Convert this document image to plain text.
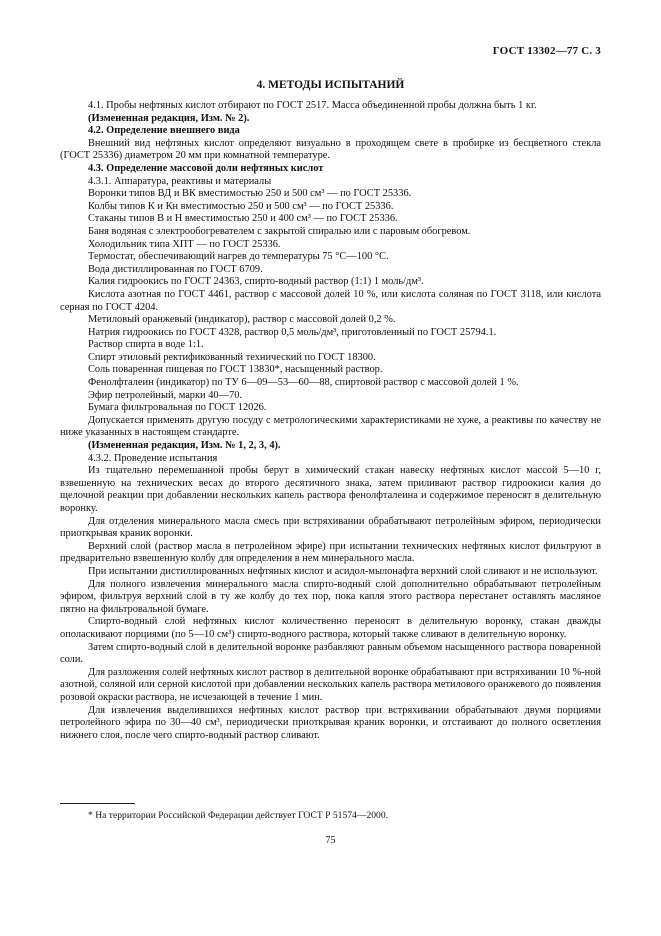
ГОСТ 13302—77 С. 3
4. МЕТОДЫ ИСПЫТАНИЙ

4.1. Пробы нефтяных кислот отбирают по ГОСТ 2517. Масса объединенной пробы должна быть 1 кг.

(Измененная редакция, Изм. № 2).

4.2. Определение внешнего вида

Внешний вид нефтяных кислот определяют визуально в проходящем свете в пробирке из бесцветного стекла (ГОСТ 25336) диаметром 20 мм при комнатной температуре.

4.3. Определение массовой доли нефтяных кислот

4.3.1. Аппаратура, реактивы и материалы

Воронки типов ВД и ВК вместимостью 250 и 500 см³ — по ГОСТ 25336.

Колбы типов К и Кн вместимостью 250 и 500 см³ — по ГОСТ 25336.

Стаканы типов В и Н вместимостью 250 и 400 см³ — по ГОСТ 25336.

Баня водяная с электрообогревателем с закрытой спиралью или с паровым обогревом.

Холодильник типа ХПТ — по ГОСТ 25336.

Термостат, обеспечивающий нагрев до температуры 75 °С—100 °С.

Вода дистиллированная по ГОСТ 6709.

Калия гидроокись по ГОСТ 24363, спирто-водный раствор (1:1) 1 моль/дм³.

Кислота азотная по ГОСТ 4461, раствор с массовой долей 10 %, или кислота соляная по ГОСТ 3118, или кислота серная по ГОСТ 4204.

Метиловый оранжевый (индикатор), раствор с массовой долей 0,2 %.

Натрия гидроокись по ГОСТ 4328, раствор 0,5 моль/дм³, приготовленный по ГОСТ 25794.1.

Раствор спирта в воде 1:1.

Спирт этиловый ректификованный технический по ГОСТ 18300.

Соль поваренная пищевая по ГОСТ 13830*, насыщенный раствор.

Фенолфталеин (индикатор) по ТУ 6—09—53—60—88, спиртовой раствор с массовой долей 1 %.

Эфир петролейный, марки 40—70.

Бумага фильтровальная по ГОСТ 12026.

Допускается применять другую посуду с метрологическими характеристиками не хуже, а реактивы по качеству не ниже указанных в настоящем стандарте.

(Измененная редакция, Изм. № 1, 2, 3, 4).

4.3.2. Проведение испытания

Из тщательно перемешанной пробы берут в химический стакан навеску нефтяных кислот массой 5—10 г, взвешенную на технических весах до второго десятичного знака, затем приливают раствор гидроокиси калия до щелочной реакции при добавлении нескольких капель раствора фенолфталеина и содержимое переносят в делительную воронку.

Для отделения минерального масла смесь при встряхивании обрабатывают петролейным эфиром, периодически приоткрывая краник воронки.

Верхний слой (раствор масла в петролейном эфире) при испытании технических нефтяных кислот фильтруют в предварительно взвешенную колбу для определения в нем минерального масла.

При испытании дистиллированных нефтяных кислот и асидол-мылонафта верхний слой сливают и не используют.

Для полного извлечения минерального масла спирто-водный слой дополнительно обрабатывают петролейным эфиром, фильтруя верхний слой в ту же колбу до тех пор, пока капля этого раствора перестанет оставлять масляное пятно на фильтровальной бумаге.

Спирто-водный слой нефтяных кислот количественно переносят в делительную воронку, стакан дважды ополаскивают порциями (по 5—10 см³) спирто-водного раствора, который также сливают в делительную воронку.

Затем спирто-водный слой в делительной воронке разбавляют равным объемом насыщенного раствора поваренной соли.

Для разложения солей нефтяных кислот раствор в делительной воронке обрабатывают при встряхивании 10 %-ной азотной, соляной или серной кислотой при добавлении нескольких капель раствора метилового оранжевого до появления розовой окраски раствора, не исчезающей в течение 1 мин.

Для извлечения выделившихся нефтяных кислот раствор при встряхивании обрабатывают двумя порциями петролейного эфира по 30—40 см³, периодически приоткрывая краник воронки, и отстаивают до полного осветления нижнего слоя, после чего спирто-водный раствор сливают.

* На территории Российской Федерации действует ГОСТ Р 51574—2000.
75
